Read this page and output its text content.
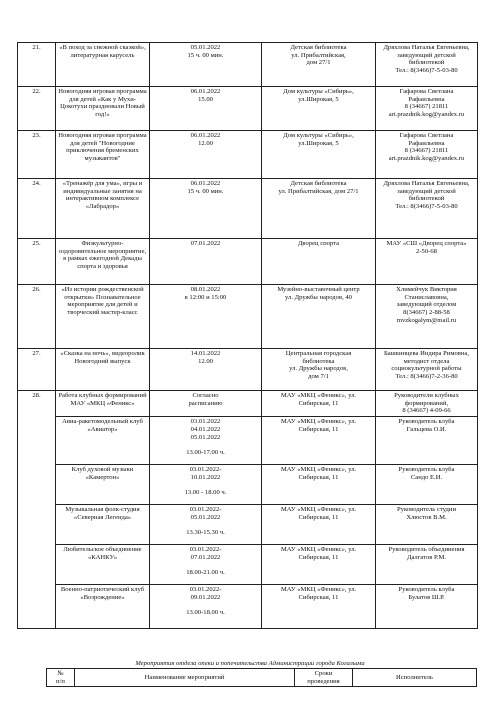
21.	«В поход за снежной сказкой», литературная карусель	05.01.2022
15 ч. 00 мин.	Детская библиотека
ул. Прибалтийская,
дом 27/1	Дряхлова Наталья Евгеньевна,
заведующий детской
библиотекой
Тел.: 8(3466)7-5-03-80
22.	Новогодняя игровая программа для детей «Как у Мухи-Цокотухи праздновали Новый год!»	06.01.2022
15.00	Дом культуры «Сибирь»,
ул.Широкая, 5	Гафарова Светлана
Рафаильевна
8 (34667) 21811
art.prazdnik.kog@yandex.ru
23.	Новогодняя игровая программа для детей "Новогодние приключения бременских музыкантов"	06.01.2022
12.00	Дом культуры «Сибирь»,
ул.Широкая, 5	Гафарова Светлана
Рафаильевна
8 (34667) 21811
art.prazdnik.kog@yandex.ru
24.	«Тренажёр для ума», игры и индивидуальные занятия на интерактивном комплексе «Лабрадор»	06.01.2022
15 ч. 00 мин.	Детская библиотека
ул. Прибалтийская, дом 27/1	Дряхлова Наталья Евгеньевна,
заведующий детской
библиотекой
Тел.: 8(3466)7-5-03-80
25.	Физкультурно-оздоровительное мероприятие, в рамках ежегодной Декады спорта и здоровья	07.01.2022	Дворец спорта	МАУ «СШ «Дворец спорта»
2-50-68
26.	«Из истории рождественской открытки» Познавательное мероприятие для детей и творческий мастер-класс	08.01.2022
в 12:00 и 15:00	Музейно-выставочный центр
ул. Дружбы народов, 40	Хлимейчук Виктория
Станиславовна,
заведующий отделом
8(34667) 2-88-58
mvzkogalym@mail.ru
27.	«Сказка на ночь», видеоролик Новогодний выпуск	14.01.2022
12.00	Центральная городская
библиотека
ул. Дружбы народов,
дом 7/1	Башкинцева Индира Римовна,
методист отдела
социокультурной работы
Тел.: 8(3466)7-2-36-80
28.	Работа клубных формирований МАУ «МКЦ «Феникс»	Согласно
расписанию	МАУ «МКЦ «Феникс», ул.
Сибирская, 11	Руководители клубных
формирований,
8 (34667) 4-09-66
	Авиа-ракетомодельный клуб «Авиатор»	03.01.2022
04.01.2022
05.01.2022

13.00-17.00 ч.	МАУ «МКЦ «Феникс», ул.
Сибирская, 11	Руководитель клуба
Гальцева О.И.
	Клуб духовой музыки «Камертон»	03.01.2022-
10.01.2022

13.00 - 18.00 ч.	МАУ «МКЦ «Феникс», ул.
Сибирская, 11	Руководитель клуба
Сандо Е.И.
	Музыкальная фолк-студия «Северная Легенда»	03.01.2022-
05.01.2022

13.30-15.30 ч.	МАУ «МКЦ «Феникс», ул.
Сибирская, 11	Руководитель студии
Хлюстов В.М.
	Любительское объединение «КАНКУ»	03.01.2022-
07.01.2022

18.00-21.00 ч.	МАУ «МКЦ «Феникс», ул.
Сибирская, 11	Руководитель объединения
Далгатов Р.М.
	Военно-патриотический клуб «Возрождение»	03.01.2022-
09.01.2022

13.00-18.00 ч.	МАУ «МКЦ «Феникс», ул.
Сибирская, 11	Руководитель клуба
Булатов Ш.Р.
Мероприятия отдела опеки и попечительства Администрации города Когалыма
№
п/п	Наименование мероприятий	Сроки
проведения	Исполнитель
